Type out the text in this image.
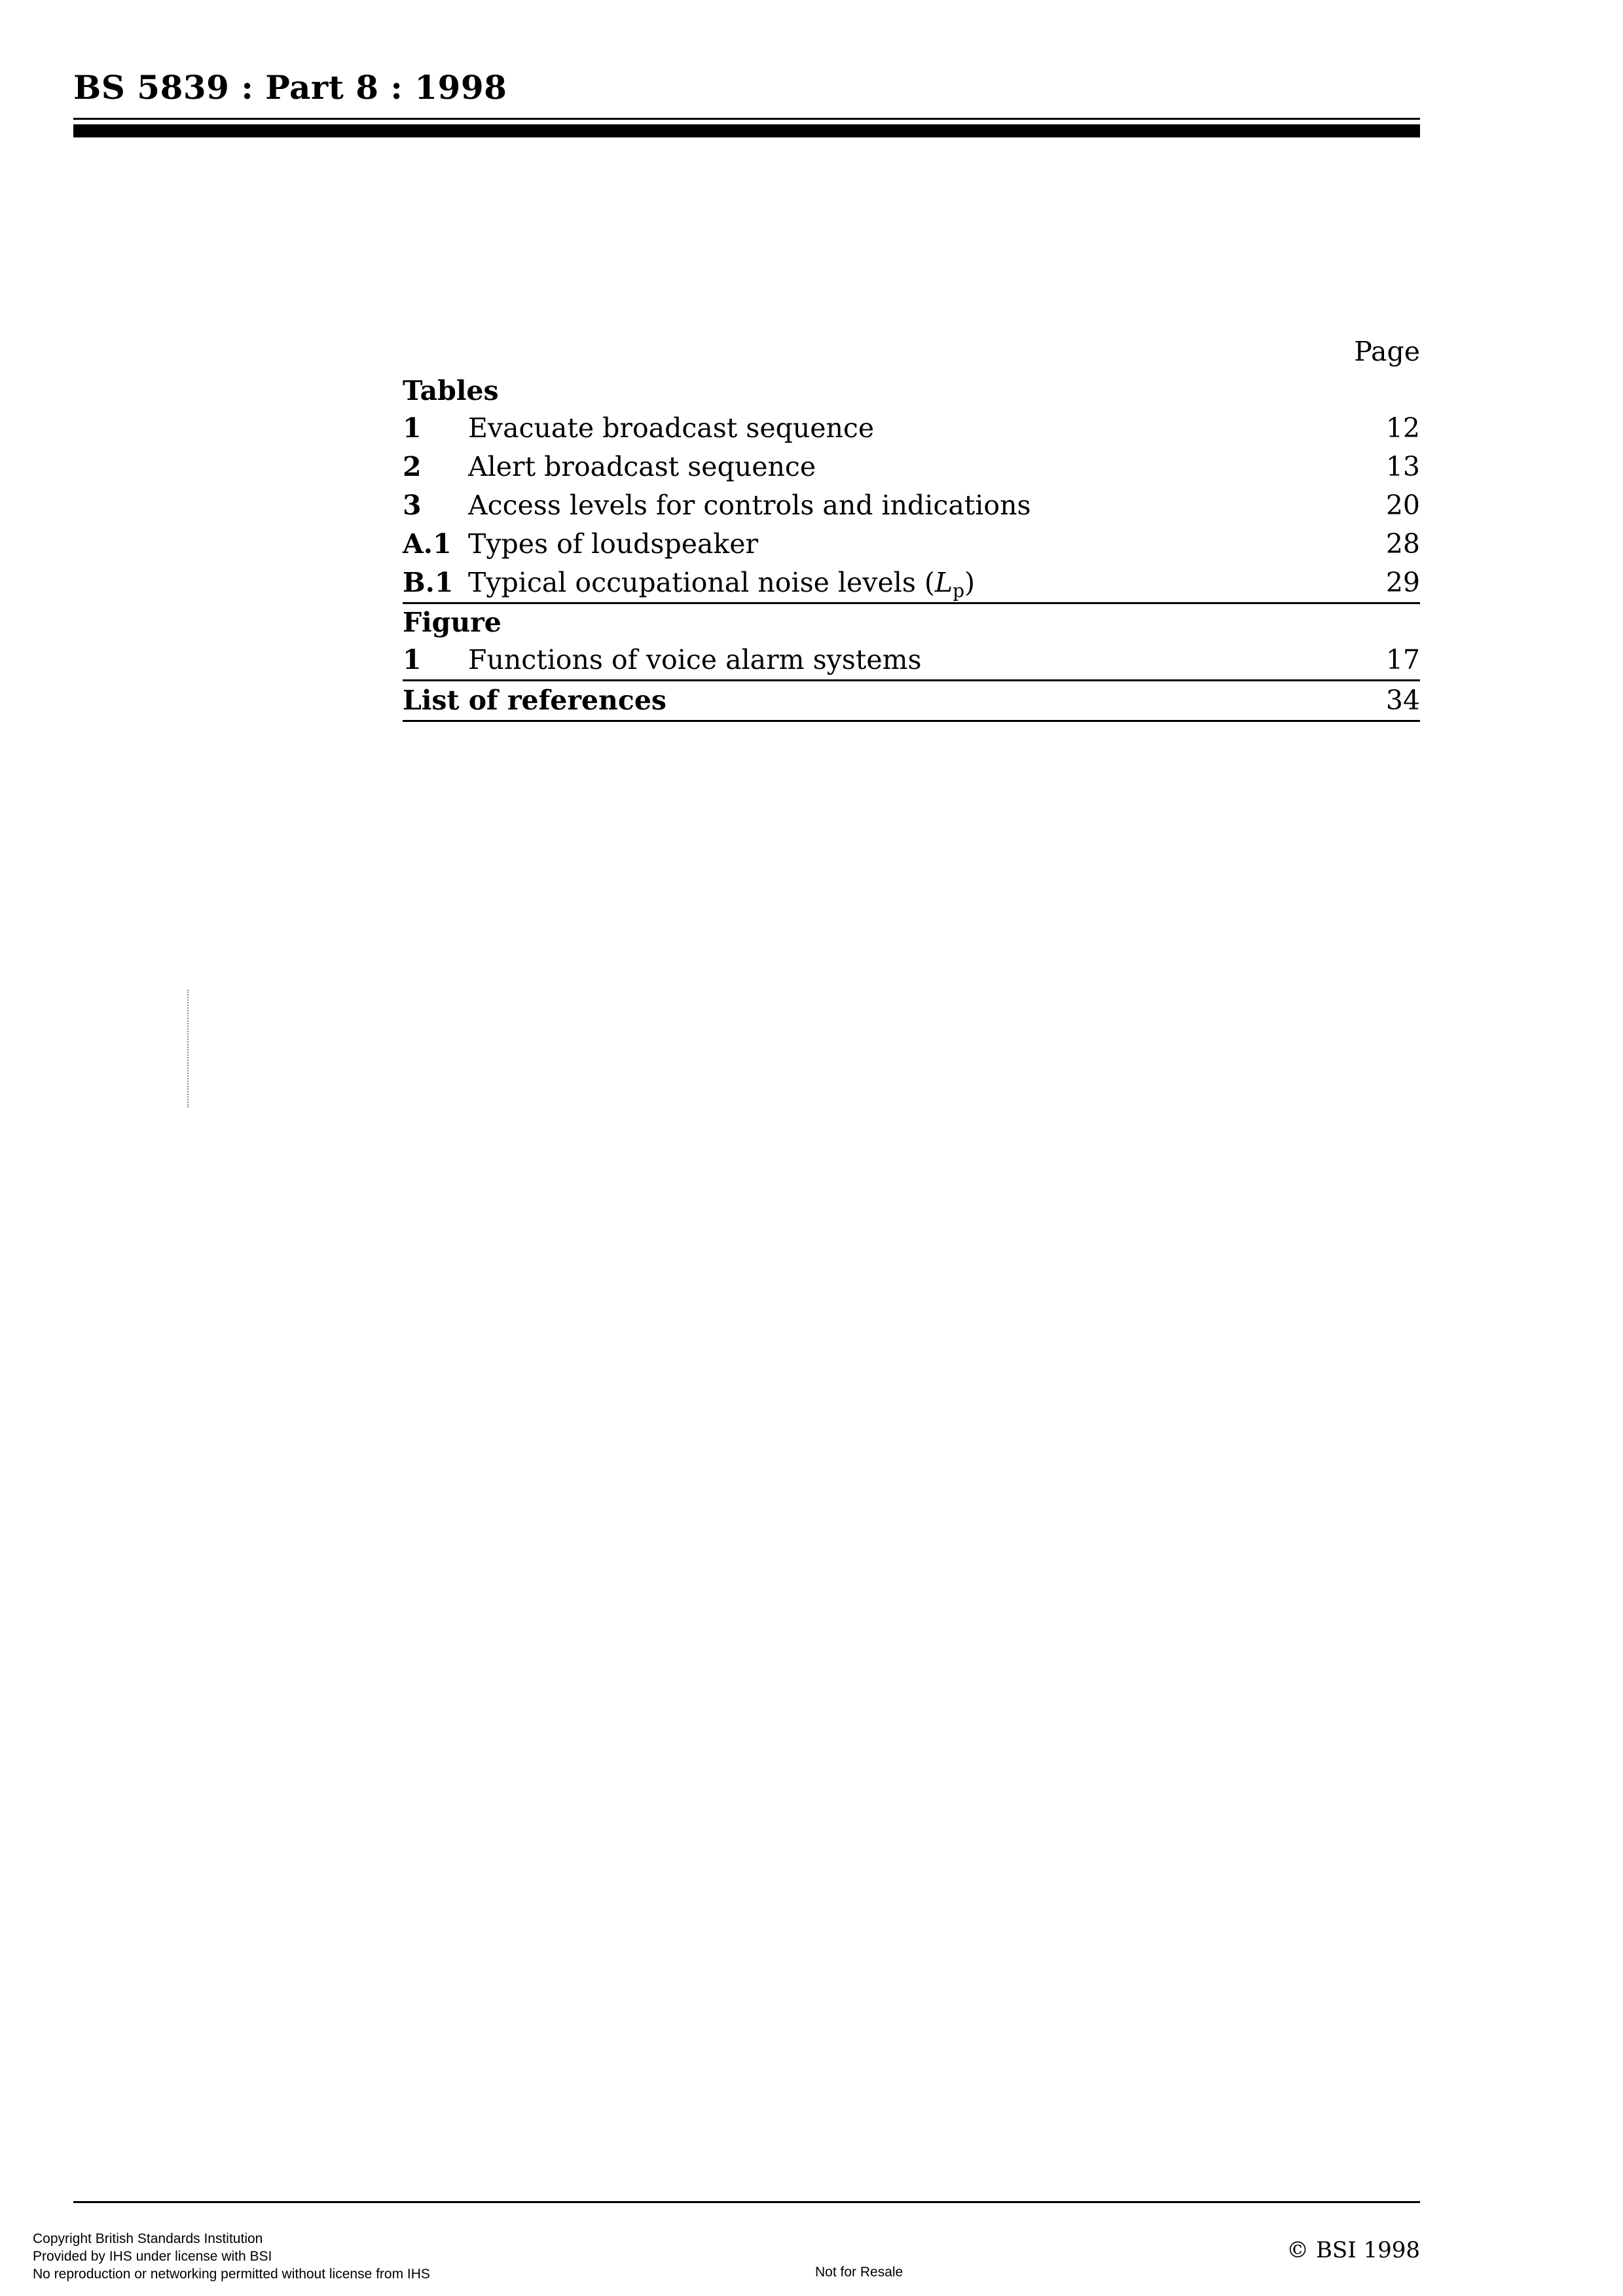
BS 5839 : Part 8 : 1998
Page
Tables
1	Evacuate broadcast sequence	12
2	Alert broadcast sequence	13
3	Access levels for controls and indications	20
A.1 Types of loudspeaker	28
B.1 Typical occupational noise levels $(L_p)$	29
Figure
1	Functions of voice alarm systems	17
List of references	34
Copyright British Standards Institution
Provided by IHS under license with BSI
No reproduction or networking permitted without license from IHS	Not for Resale
© BSI 1998
